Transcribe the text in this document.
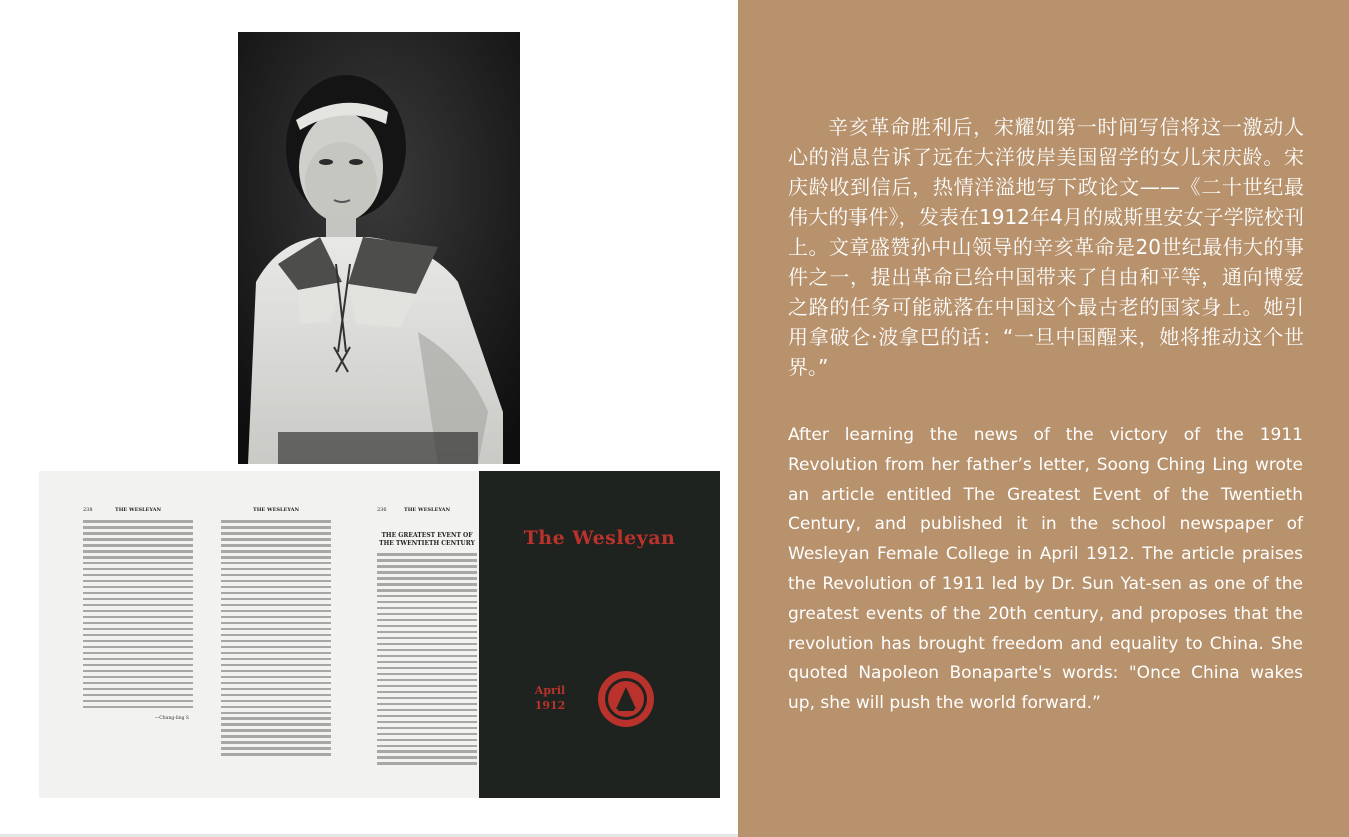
238	THE WESLEYAN
—Chung-ling S
THE WESLEYAN	236	THE WESLEYAN
THE GREATEST EVENT OF THE TWENTIETH CENTURY	The Wesleyan
April
1912

辛亥革命胜利后，宋耀如第一时间写信将这一激动人心的消息告诉了远在大洋彼岸美国留学的女儿宋庆龄。宋庆龄收到信后，热情洋溢地写下政论文——《二十世纪最伟大的事件》，发表在1912年4月的威斯里安女子学院校刊上。文章盛赞孙中山领导的辛亥革命是20世纪最伟大的事件之一，提出革命已给中国带来了自由和平等，通向博爱之路的任务可能就落在中国这个最古老的国家身上。她引用拿破仑·波拿巴的话：“一旦中国醒来，她将推动这个世界。”

After learning the news of the victory of the 1911 Revolution from her father’s letter, Soong Ching Ling wrote an article entitled The Greatest Event of the Twentieth Century, and published it in the school newspaper of Wesleyan Female College in April 1912. The article praises the Revolution of 1911 led by Dr. Sun Yat-sen as one of the greatest events of the 20th century, and proposes that the revolution has brought freedom and equality to China. She quoted Napoleon Bonaparte's words: "Once China wakes up, she will push the world forward.”
